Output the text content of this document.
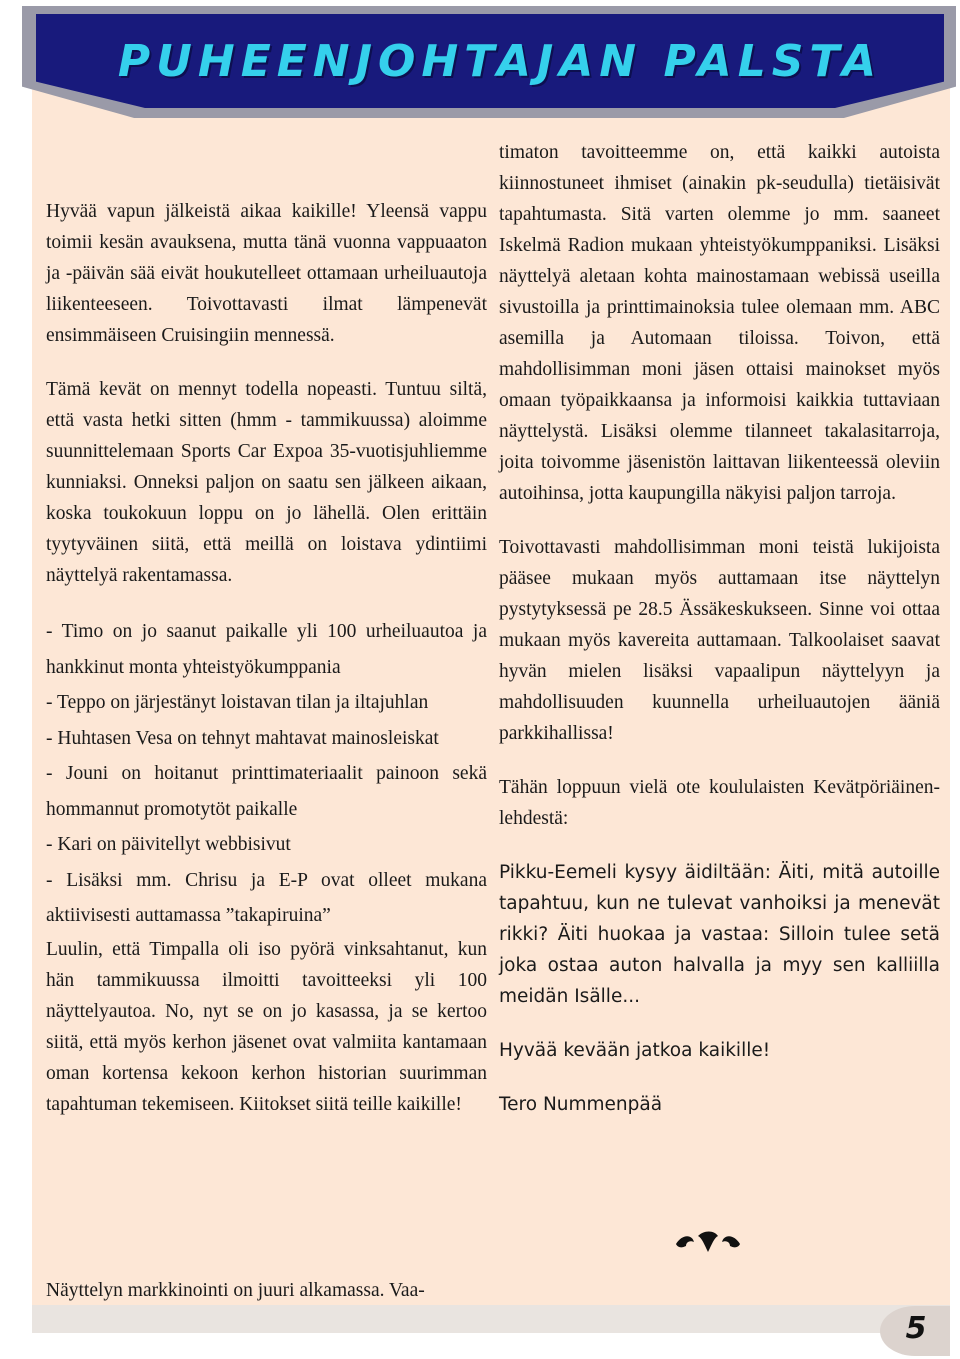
PUHEENJOHTAJAN PALSTA

Hyvää vapun jälkeistä aikaa kaikille! Yleensä vappu toimii kesän avauksena, mutta tänä vuonna vappuaaton ja -päivän sää eivät houkutelleet ottamaan urheiluautoja liikenteeseen. Toivottavasti ilmat lämpenevät ensimmäiseen Cruisingiin mennessä.

Tämä kevät on mennyt todella nopeasti. Tuntuu siltä, että vasta hetki sitten (hmm - tammikuussa) aloimme suunnittelemaan Sports Car Expoa 35-vuotisjuhliemme kunniaksi. Onneksi paljon on saatu sen jälkeen aikaan, koska toukokuun loppu on jo lähellä. Olen erittäin tyytyväinen siitä, että meillä on loistava ydintiimi näyttelyä rakentamassa.

- Timo on jo saanut paikalle yli 100 urheiluautoa ja hankkinut monta yhteistyökumppania

- Teppo on järjestänyt loistavan tilan ja iltajuhlan

- Huhtasen Vesa on tehnyt mahtavat mainosleiskat

- Jouni on hoitanut printtimateriaalit painoon sekä hommannut promotytöt paikalle

- Kari on päivitellyt webbisivut

- Lisäksi mm. Chrisu ja E-P ovat olleet mukana aktiivisesti auttamassa ”takapiruina”

Luulin, että Timpalla oli iso pyörä vinksahtanut, kun hän tammikuussa ilmoitti tavoitteeksi yli 100 näyttelyautoa. No, nyt se on jo kasassa, ja se kertoo siitä, että myös kerhon jäsenet ovat valmiita kantamaan oman kortensa kekoon kerhon historian suurimman tapahtuman tekemiseen. Kiitokset siitä teille kaikille!

Näyttelyn markkinointi on juuri alkamassa. Vaa-

timaton tavoitteemme on, että kaikki autoista kiinnostuneet ihmiset (ainakin pk-seudulla) tietäisivät tapahtumasta. Sitä varten olemme jo mm. saaneet Iskelmä Radion mukaan yhteistyökumppaniksi. Lisäksi näyttelyä aletaan kohta mainostamaan webissä useilla sivustoilla ja printtimainoksia tulee olemaan mm. ABC asemilla ja Automaan tiloissa. Toivon, että mahdollisimman moni jäsen ottaisi mainokset myös omaan työpaikkaansa ja informoisi kaikkia tuttaviaan näyttelystä. Lisäksi olemme tilanneet takalasitarroja, joita toivomme jäsenistön laittavan liikenteessä oleviin autoihinsa, jotta kaupungilla näkyisi paljon tarroja.

Toivottavasti mahdollisimman moni teistä lukijoista pääsee mukaan myös auttamaan itse näyttelyn pystytyksessä pe 28.5 Ässäkeskukseen. Sinne voi ottaa mukaan myös kavereita auttamaan. Talkoolaiset saavat hyvän mielen lisäksi vapaalipun näyttelyyn ja mahdollisuuden kuunnella urheiluautojen ääniä parkkihallissa!

Tähän loppuun vielä ote koululaisten Kevätpöriäinen-lehdestä:

Pikku-Eemeli kysyy äidiltään: Äiti, mitä autoille tapahtuu, kun ne tulevat vanhoiksi ja menevät rikki? Äiti huokaa ja vastaa: Silloin tulee setä joka ostaa auton halvalla ja myy sen kalliilla meidän Isälle...

Hyvää kevään jatkoa kaikille!

Tero Nummenpää

5
